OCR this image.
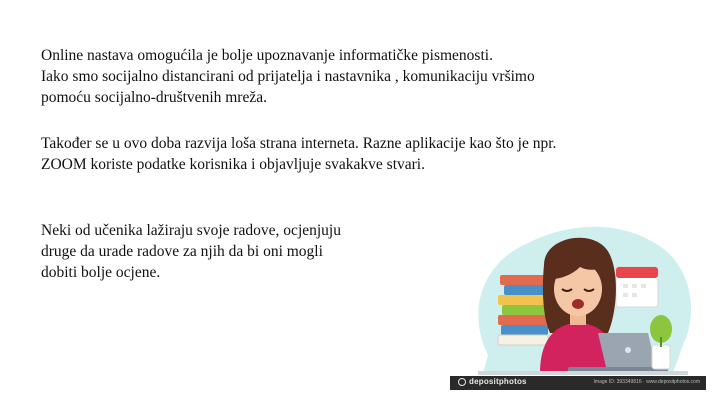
Online nastava omogućila je bolje upoznavanje informatičke pismenosti.
Iako smo socijalno distancirani od prijatelja i nastavnika , komunikaciju vršimo
pomoću socijalno-društvenih mreža.

Također se u ovo doba razvija loša strana interneta. Razne aplikacije kao što je npr.
ZOOM koriste podatke korisnika i objavljuje svakakve stvari.

Neki od učenika lažiraju svoje radove, ocjenjuju
druge da urade radove za njih da bi oni mogli
dobiti bolje ocjene.

depositphotos	Image ID: 393349816 · www.depositphotos.com
